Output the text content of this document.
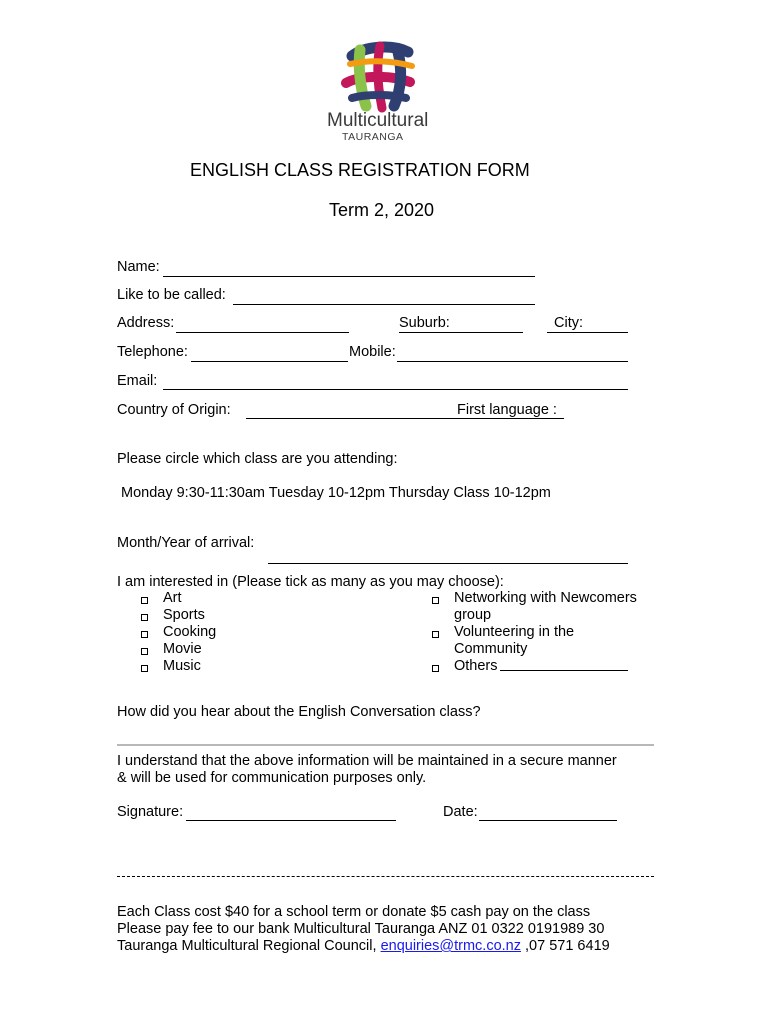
Multicultural
TAURANGA
ENGLISH CLASS REGISTRATION FORM
Term 2, 2020
Name:
Like to be called:
Address:	Suburb:	City:
Telephone:	Mobile:
Email:
Country of Origin:	First language :
Please circle which class are you attending:
Monday 9:30-11:30am Tuesday 10-12pm Thursday Class 10-12pm
Month/Year of arrival:
I am interested in (Please tick as many as you may choose):
Art
Sports
Cooking
Movie
Music
Networking with Newcomers
group
Volunteering in the
Community
Others
How did you hear about the English Conversation class?
I understand that the above information will be maintained in a secure manner
& will be used for communication purposes only.
Signature:	Date:
Each Class cost $40 for a school term or donate $5 cash pay on the class
Please pay fee to our bank Multicultural Tauranga ANZ 01 0322 0191989 30
Tauranga Multicultural Regional Council, enquiries@trmc.co.nz ,07 571 6419
